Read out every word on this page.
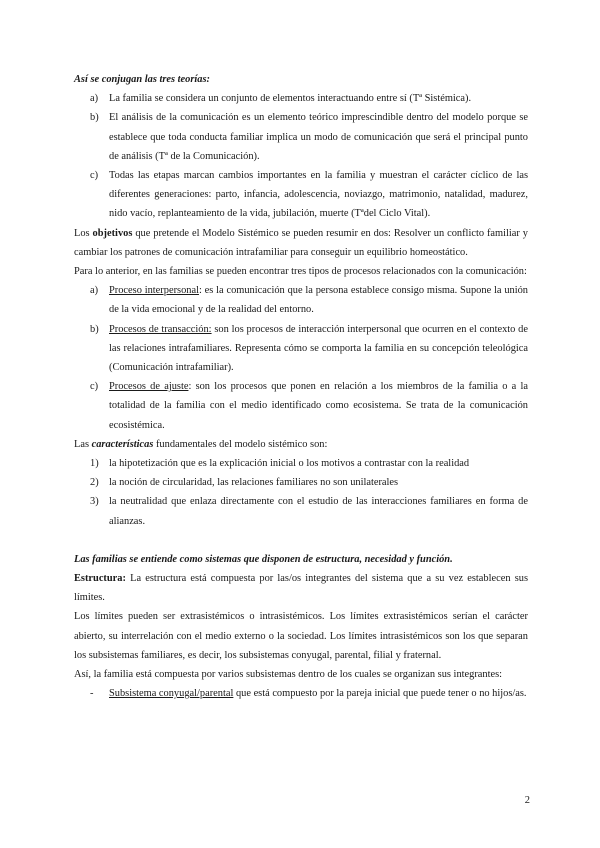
Así se conjugan las tres teorías:

a)	La familia se considera un conjunto de elementos interactuando entre sí (Tª Sistémica).

b) El análisis de la comunicación es un elemento teórico imprescindible dentro del modelo porque se establece que toda conducta familiar implica un modo de comunicación que será el principal punto de análisis (Tª de la Comunicación).

c)	Todas las etapas marcan cambios importantes en la familia y muestran el carácter cíclico de las diferentes generaciones: parto, infancia, adolescencia, noviazgo, matrimonio, natalidad, madurez, nido vacío, replanteamiento de la vida, jubilación, muerte (Tªdel Ciclo Vital).

Los objetivos que pretende el Modelo Sistémico se pueden resumir en dos: Resolver un conflicto familiar y cambiar los patrones de comunicación intrafamiliar para conseguir un equilibrio homeostático.

Para lo anterior, en las familias se pueden encontrar tres tipos de procesos relacionados con la comunicación:

a)	Proceso interpersonal: es la comunicación que la persona establece consigo misma. Supone la unión de la vida emocional y de la realidad del entorno.

b) Procesos de transacción: son los procesos de interacción interpersonal que ocurren en el contexto de las relaciones intrafamiliares. Representa cómo se comporta la familia en su concepción teleológica (Comunicación intrafamiliar).

c)	Procesos de ajuste: son los procesos que ponen en relación a los miembros de la familia o a la totalidad de la familia con el medio identificado como ecosistema. Se trata de la comunicación ecosistémica.

Las características fundamentales del modelo sistémico son:

1) la hipotetización que es la explicación inicial o los motivos a contrastar con la realidad

2) la noción de circularidad, las relaciones familiares no son unilaterales

3) la neutralidad que enlaza directamente con el estudio de las interacciones familiares en forma de alianzas.

Las familias se entiende como sistemas que disponen de estructura, necesidad y función.

Estructura: La estructura está compuesta por las/os integrantes del sistema que a su vez establecen sus límites.

Los límites pueden ser extrasistémicos o intrasistémicos. Los límites extrasistémicos serían el carácter abierto, su interrelación con el medio externo o la sociedad. Los límites intrasistémicos son los que separan los subsistemas familiares, es decir, los subsistemas conyugal, parental, filial y fraternal.

Así, la familia está compuesta por varios subsistemas dentro de los cuales se organizan sus integrantes:

-	Subsistema conyugal/parental que está compuesto por la pareja inicial que puede tener o no hijos/as.

2
